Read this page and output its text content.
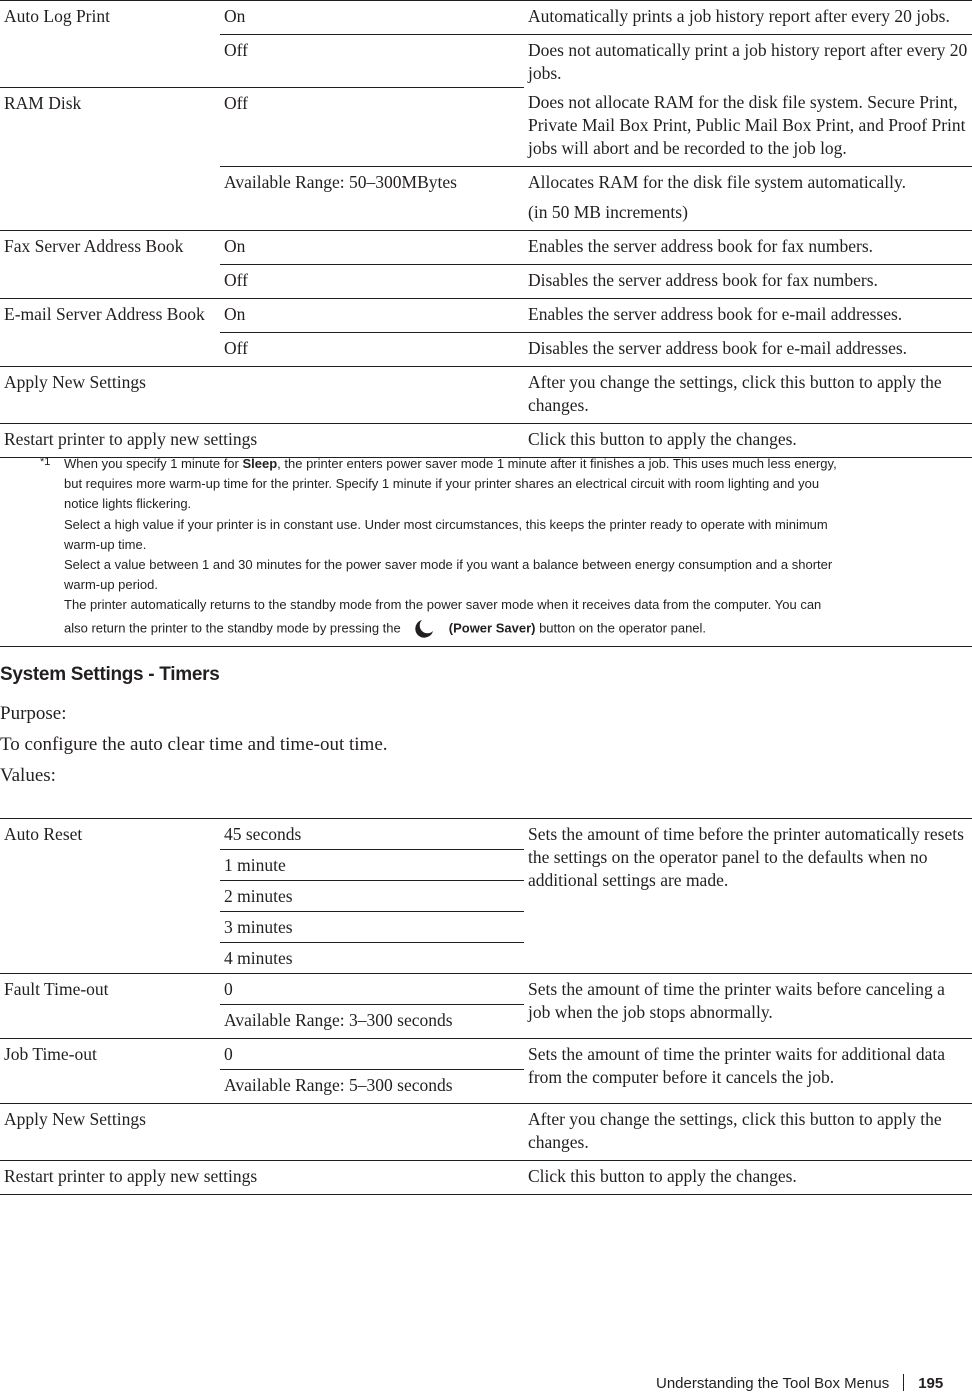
Auto Log Print	On	Automatically prints a job history report after every 20 jobs.
	Off	Does not automatically print a job history report after every 20 jobs.
RAM Disk	Off	Does not allocate RAM for the disk file system. Secure Print, Private Mail Box Print, Public Mail Box Print, and Proof Print jobs will abort and be recorded to the job log.
	Available Range: 50–300MBytes	Allocates RAM for the disk file system automatically.

(in 50 MB increments)

Fax Server Address Book	On	Enables the server address book for fax numbers.
	Off	Disables the server address book for fax numbers.
E-mail Server Address Book	On	Enables the server address book for e-mail addresses.
	Off	Disables the server address book for e-mail addresses.
Apply New Settings		After you change the settings, click this button to apply the changes.
Restart printer to apply new settings		Click this button to apply the changes.
*1 When you specify 1 minute for Sleep, the printer enters power saver mode 1 minute after it finishes a job. This uses much less energy,
but requires more warm-up time for the printer. Specify 1 minute if your printer shares an electrical circuit with room lighting and you
notice lights flickering.
Select a high value if your printer is in constant use. Under most circumstances, this keeps the printer ready to operate with minimum
warm-up time.
Select a value between 1 and 30 minutes for the power saver mode if you want a balance between energy consumption and a shorter
warm-up period.
The printer automatically returns to the standby mode from the power saver mode when it receives data from the computer. You can
also return the printer to the standby mode by pressing the	(Power Saver) button on the operator panel.
System Settings - Timers
Purpose:
To configure the auto clear time and time-out time.
Values:
Auto Reset	45 seconds	Sets the amount of time before the printer automatically resets the settings on the operator panel to the defaults when no additional settings are made.
	1 minute	
	2 minutes	
	3 minutes	
	4 minutes	
Fault Time-out	0	Sets the amount of time the printer waits before canceling a job when the job stops abnormally.
	Available Range: 3–300 seconds	
Job Time-out	0	Sets the amount of time the printer waits for additional data from the computer before it cancels the job.
	Available Range: 5–300 seconds	
Apply New Settings		After you change the settings, click this button to apply the changes.
Restart printer to apply new settings		Click this button to apply the changes.
Understanding the Tool Box Menus 195
